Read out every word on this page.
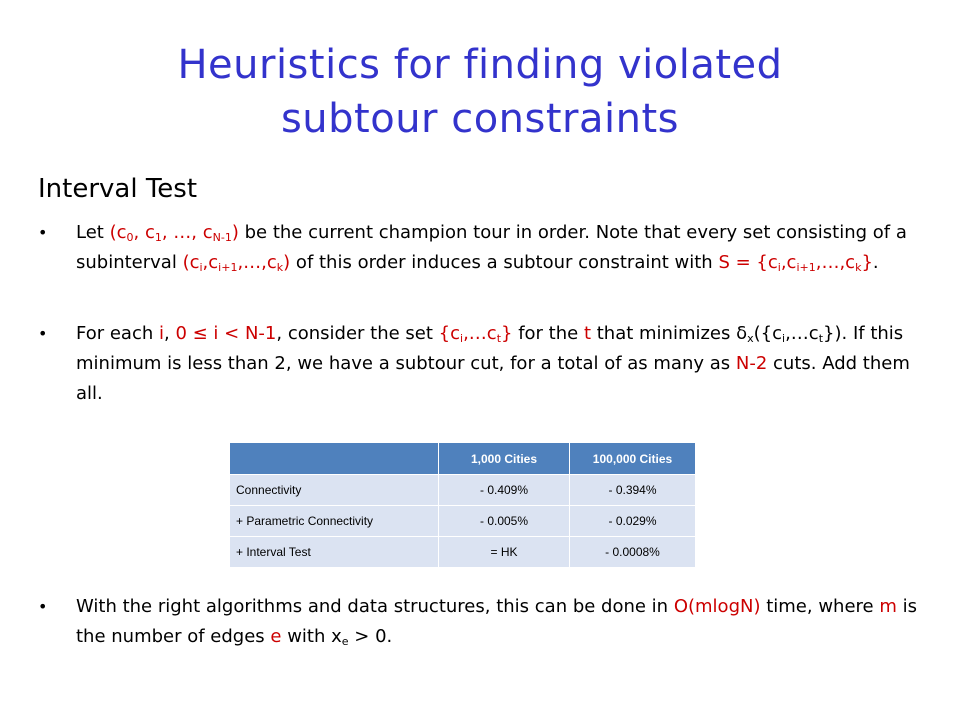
Heuristics for finding violated
subtour constraints
Interval Test
• Let ($c_0$, $c_1$, …, $c_{N-1}$) be the current champion tour in order. Note that every set consisting of a subinterval $(c_i,c_{i+1},\dots,c_k)$ of this order induces a subtour constraint with $S = \{c_i,c_{i+1},\dots,c_k\}$.
• For each i, 0 ≤ i < N-1, consider the set $\{c_i,\dots c_t\}$ for the t that minimizes $\delta_x(\{c_i,\dots c_t\})$. If this minimum is less than 2, we have a subtour cut, for a total of as many as N-2 cuts. Add them all.
	1,000 Cities	100,000 Cities
Connectivity	- 0.409%	- 0.394%
+ Parametric Connectivity	- 0.005%	- 0.029%
+ Interval Test	= HK	- 0.0008%
• With the right algorithms and data structures, this can be done in O(mlogN) time, where m is the number of edges e with $x_e > 0$.
